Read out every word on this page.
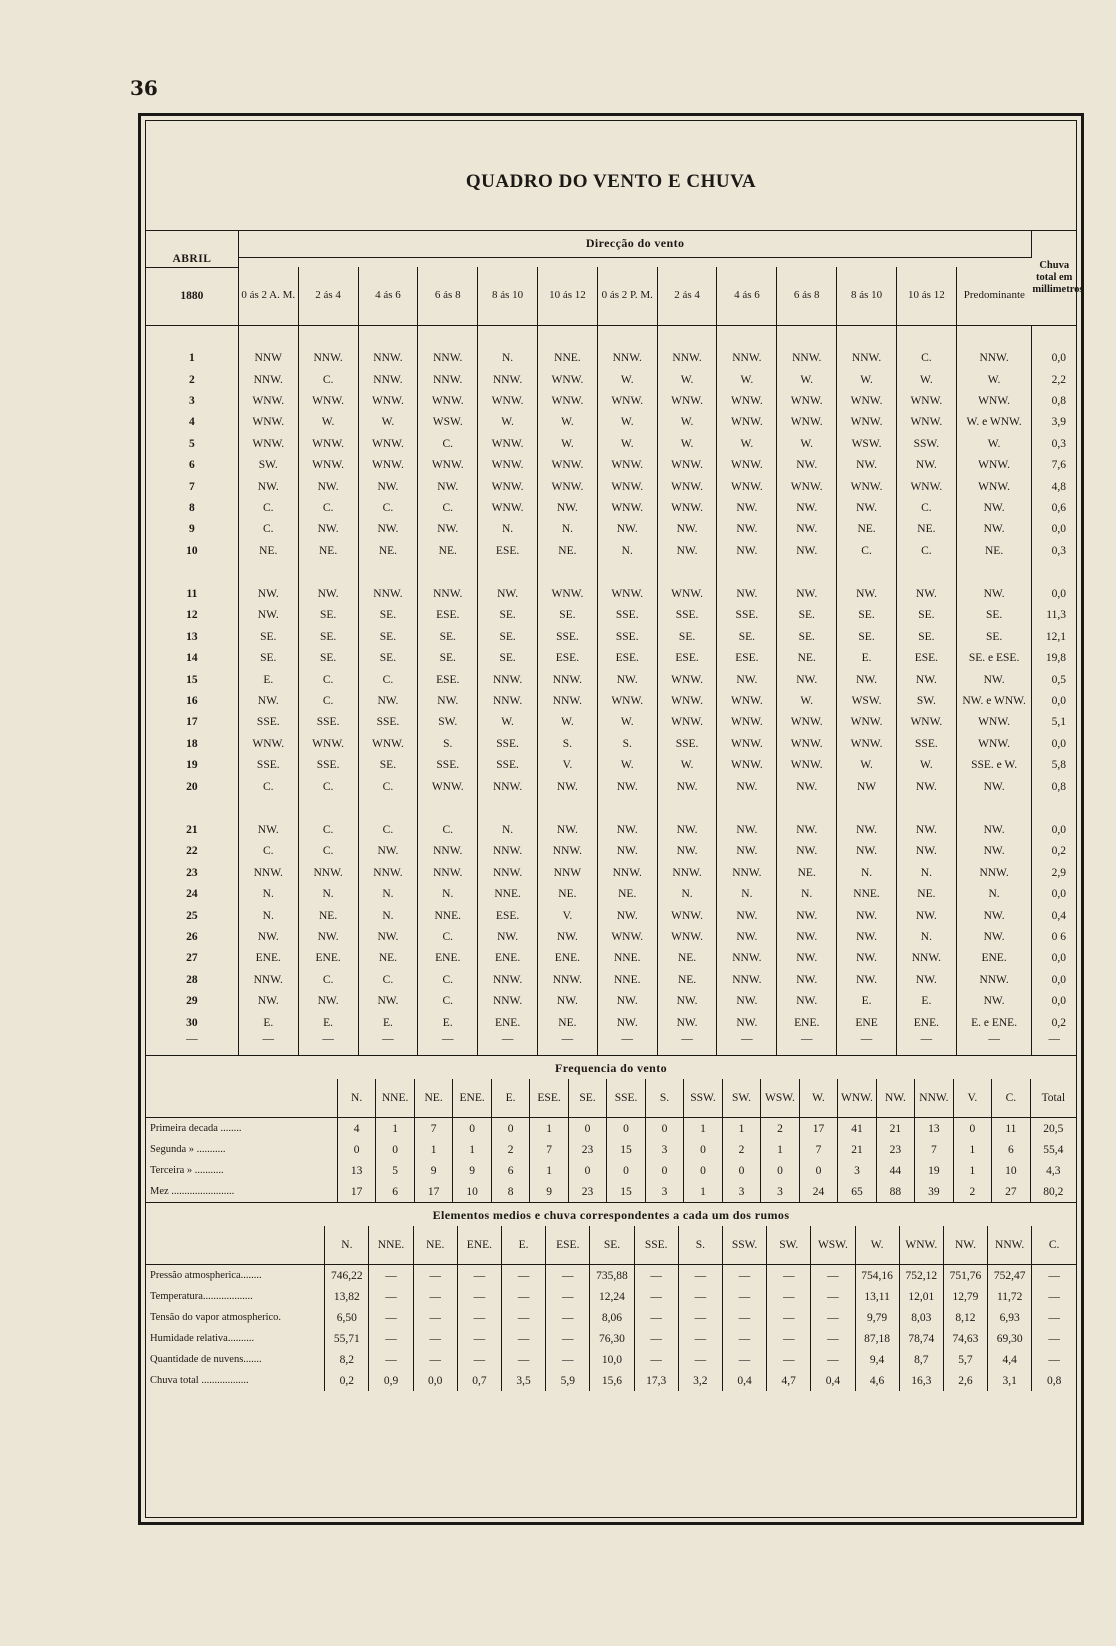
36
QUADRO DO VENTO E CHUVA
ABRIL	Direcção do vento													Chuva total em millimetros

1880	0 ás 2 A. M.	2 ás 4	4 ás 6	6 ás 8	8 ás 10	10 ás 12	0 ás 2 P. M.	2 ás 4	4 ás 6	6 ás 8	8 ás 10	10 ás 12	Predominante	

1	NNW	NNW.	NNW.	NNW.	N.	NNE.	NNW.	NNW.	NNW.	NNW.	NNW.	C.	NNW.	0,0
2	NNW.	C.	NNW.	NNW.	NNW.	WNW.	W.	W.	W.	W.	W.	W.	W.	2,2
3	WNW.	WNW.	WNW.	WNW.	WNW.	WNW.	WNW.	WNW.	WNW.	WNW.	WNW.	WNW.	WNW.	0,8
4	WNW.	W.	W.	WSW.	W.	W.	W.	W.	WNW.	WNW.	WNW.	WNW.	W. e WNW.	3,9
5	WNW.	WNW.	WNW.	C.	WNW.	W.	W.	W.	W.	W.	WSW.	SSW.	W.	0,3
6	SW.	WNW.	WNW.	WNW.	WNW.	WNW.	WNW.	WNW.	WNW.	NW.	NW.	NW.	WNW.	7,6
7	NW.	NW.	NW.	NW.	WNW.	WNW.	WNW.	WNW.	WNW.	WNW.	WNW.	WNW.	WNW.	4,8
8	C.	C.	C.	C.	WNW.	NW.	WNW.	WNW.	NW.	NW.	NW.	C.	NW.	0,6
9	C.	NW.	NW.	NW.	N.	N.	NW.	NW.	NW.	NW.	NE.	NE.	NW.	0,0
10	NE.	NE.	NE.	NE.	ESE.	NE.	N.	NW.	NW.	NW.	C.	C.	NE.	0,3

11	NW.	NW.	NNW.	NNW.	NW.	WNW.	WNW.	WNW.	NW.	NW.	NW.	NW.	NW.	0,0
12	NW.	SE.	SE.	ESE.	SE.	SE.	SSE.	SSE.	SSE.	SE.	SE.	SE.	SE.	11,3
13	SE.	SE.	SE.	SE.	SE.	SSE.	SSE.	SE.	SE.	SE.	SE.	SE.	SE.	12,1
14	SE.	SE.	SE.	SE.	SE.	ESE.	ESE.	ESE.	ESE.	NE.	E.	ESE.	SE. e ESE.	19,8
15	E.	C.	C.	ESE.	NNW.	NNW.	NW.	WNW.	NW.	NW.	NW.	NW.	NW.	0,5
16	NW.	C.	NW.	NW.	NNW.	NNW.	WNW.	WNW.	WNW.	W.	WSW.	SW.	NW. e WNW.	0,0
17	SSE.	SSE.	SSE.	SW.	W.	W.	W.	WNW.	WNW.	WNW.	WNW.	WNW.	WNW.	5,1
18	WNW.	WNW.	WNW.	S.	SSE.	S.	S.	SSE.	WNW.	WNW.	WNW.	SSE.	WNW.	0,0
19	SSE.	SSE.	SE.	SSE.	SSE.	V.	W.	W.	WNW.	WNW.	W.	W.	SSE. e W.	5,8
20	C.	C.	C.	WNW.	NNW.	NW.	NW.	NW.	NW.	NW.	NW	NW.	NW.	0,8

21	NW.	C.	C.	C.	N.	NW.	NW.	NW.	NW.	NW.	NW.	NW.	NW.	0,0
22	C.	C.	NW.	NNW.	NNW.	NNW.	NW.	NW.	NW.	NW.	NW.	NW.	NW.	0,2
23	NNW.	NNW.	NNW.	NNW.	NNW.	NNW	NNW.	NNW.	NNW.	NE.	N.	N.	NNW.	2,9
24	N.	N.	N.	N.	NNE.	NE.	NE.	N.	N.	N.	NNE.	NE.	N.	0,0
25	N.	NE.	N.	NNE.	ESE.	V.	NW.	WNW.	NW.	NW.	NW.	NW.	NW.	0,4
26	NW.	NW.	NW.	C.	NW.	NW.	WNW.	WNW.	NW.	NW.	NW.	N.	NW.	0 6
27	ENE.	ENE.	NE.	ENE.	ENE.	ENE.	NNE.	NE.	NNW.	NW.	NW.	NNW.	ENE.	0,0
28	NNW.	C.	C.	C.	NNW.	NNW.	NNE.	NE.	NNW.	NW.	NW.	NW.	NNW.	0,0
29	NW.	NW.	NW.	C.	NNW.	NW.	NW.	NW.	NW.	NW.	E.	E.	NW.	0,0
30	E.	E.	E.	E.	ENE.	NE.	NW.	NW.	NW.	ENE.	ENE	ENE.	E. e ENE.	0,2
—	—	—	—	—	—	—	—	—	—	—	—	—	—	—
Frequencia do vento
	N.	NNE.	NE.	ENE.	E.	ESE.	SE.	SSE.	S.	SSW.	SW.	WSW.	W.	WNW.	NW.	NNW.	V.	C.	Total
Primeira decada ........	4	1	7	0	0	1	0	0	0	1	1	2	17	41	21	13	0	11	20,5
Segunda » ...........	0	0	1	1	2	7	23	15	3	0	2	1	7	21	23	7	1	6	55,4
Terceira » ...........	13	5	9	9	6	1	0	0	0	0	0	0	0	3	44	19	1	10	4,3
Mez ........................	17	6	17	10	8	9	23	15	3	1	3	3	24	65	88	39	2	27	80,2
Elementos medios e chuva correspondentes a cada um dos rumos
	N.	NNE.	NE.	ENE.	E.	ESE.	SE.	SSE.	S.	SSW.	SW.	WSW.	W.	WNW.	NW.	NNW.	C.
Pressão atmospherica........	746,22	—	—	—	—	—	735,88	—	—	—	—	—	754,16	752,12	751,76	752,47	—
Temperatura...................	13,82	—	—	—	—	—	12,24	—	—	—	—	—	13,11	12,01	12,79	11,72	—
Tensão do vapor atmospherico.	6,50	—	—	—	—	—	8,06	—	—	—	—	—	9,79	8,03	8,12	6,93	—
Humidade relativa..........	55,71	—	—	—	—	—	76,30	—	—	—	—	—	87,18	78,74	74,63	69,30	—
Quantidade de nuvens.......	8,2	—	—	—	—	—	10,0	—	—	—	—	—	9,4	8,7	5,7	4,4	—
Chuva total ..................	0,2	0,9	0,0	0,7	3,5	5,9	15,6	17,3	3,2	0,4	4,7	0,4	4,6	16,3	2,6	3,1	0,8
